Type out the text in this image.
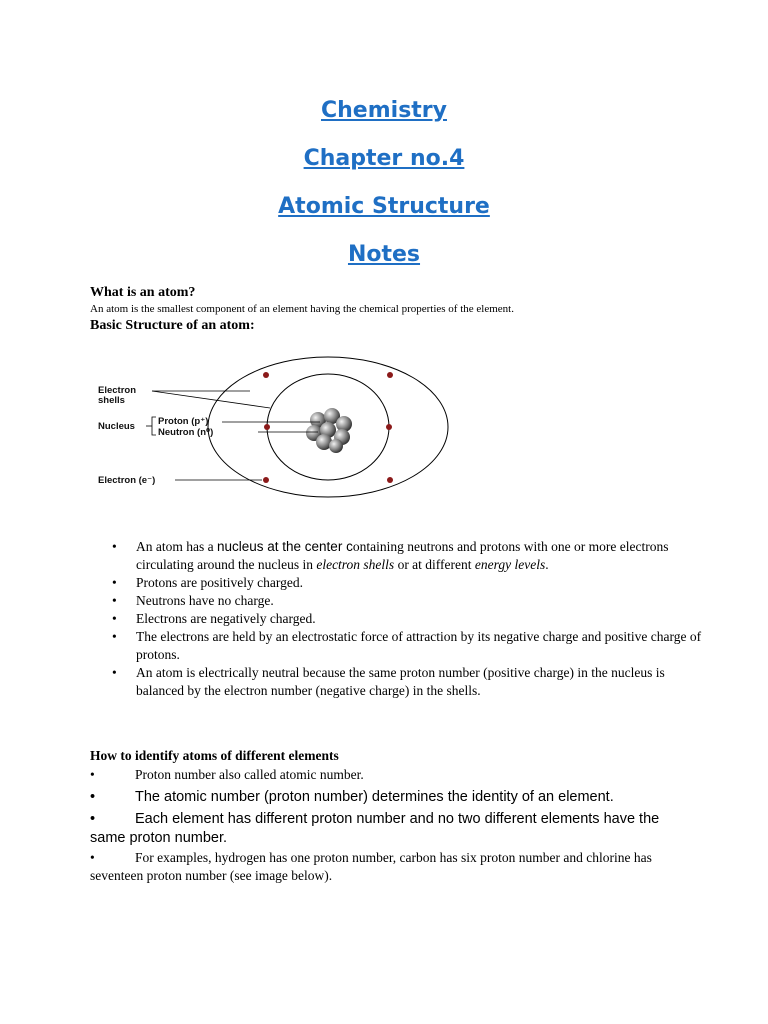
Chemistry
Chapter no.4
Atomic Structure
Notes
What is an atom?
An atom is the smallest component of an element having the chemical properties of the element.
Basic Structure of an atom:
Electron
shells
Nucleus Proton (p⁺)
Neutron (n⁰)
Electron (e⁻)
• An atom has a nucleus at the center containing neutrons and protons with one or more electrons circulating around the nucleus in electron shells or at different energy levels.
• Protons are positively charged.
• Neutrons have no charge.
• Electrons are negatively charged.
• The electrons are held by an electrostatic force of attraction by its negative charge and positive charge of protons.
• An atom is electrically neutral because the same proton number (positive charge) in the nucleus is balanced by the electron number (negative charge) in the shells.
How to identify atoms of different elements
•	Proton number also called atomic number.
•	The atomic number (proton number) determines the identity of an element.
•	Each element has different proton number and no two different elements have the same proton number.
•	For examples, hydrogen has one proton number, carbon has six proton number and chlorine has seventeen proton number (see image below).
